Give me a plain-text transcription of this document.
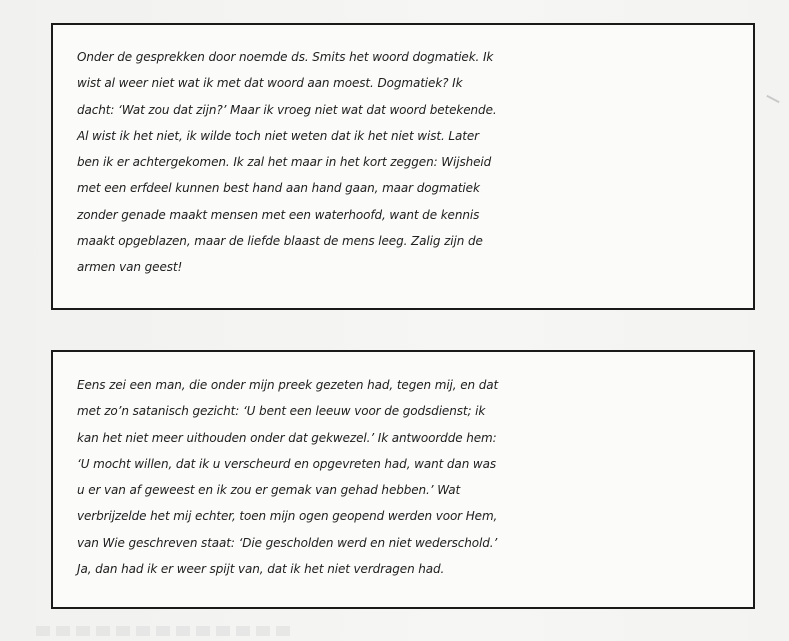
Onder de gesprekken door noemde ds. Smits het woord dogmatiek. Ik
wist al weer niet wat ik met dat woord aan moest. Dogmatiek? Ik
dacht: ‘Wat zou dat zijn?’ Maar ik vroeg niet wat dat woord betekende.
Al wist ik het niet, ik wilde toch niet weten dat ik het niet wist. Later
ben ik er achtergekomen. Ik zal het maar in het kort zeggen: Wijsheid
met een erfdeel kunnen best hand aan hand gaan, maar dogmatiek
zonder genade maakt mensen met een waterhoofd, want de kennis
maakt opgeblazen, maar de liefde blaast de mens leeg. Zalig zijn de
armen van geest!
Eens zei een man, die onder mijn preek gezeten had, tegen mij, en dat
met zo’n satanisch gezicht: ‘U bent een leeuw voor de godsdienst; ik
kan het niet meer uithouden onder dat gekwezel.’ Ik antwoordde hem:
‘U mocht willen, dat ik u verscheurd en opgevreten had, want dan was
u er van af geweest en ik zou er gemak van gehad hebben.’ Wat
verbrijzelde het mij echter, toen mijn ogen geopend werden voor Hem,
van Wie geschreven staat: ‘Die gescholden werd en niet wederschold.’
Ja, dan had ik er weer spijt van, dat ik het niet verdragen had.
